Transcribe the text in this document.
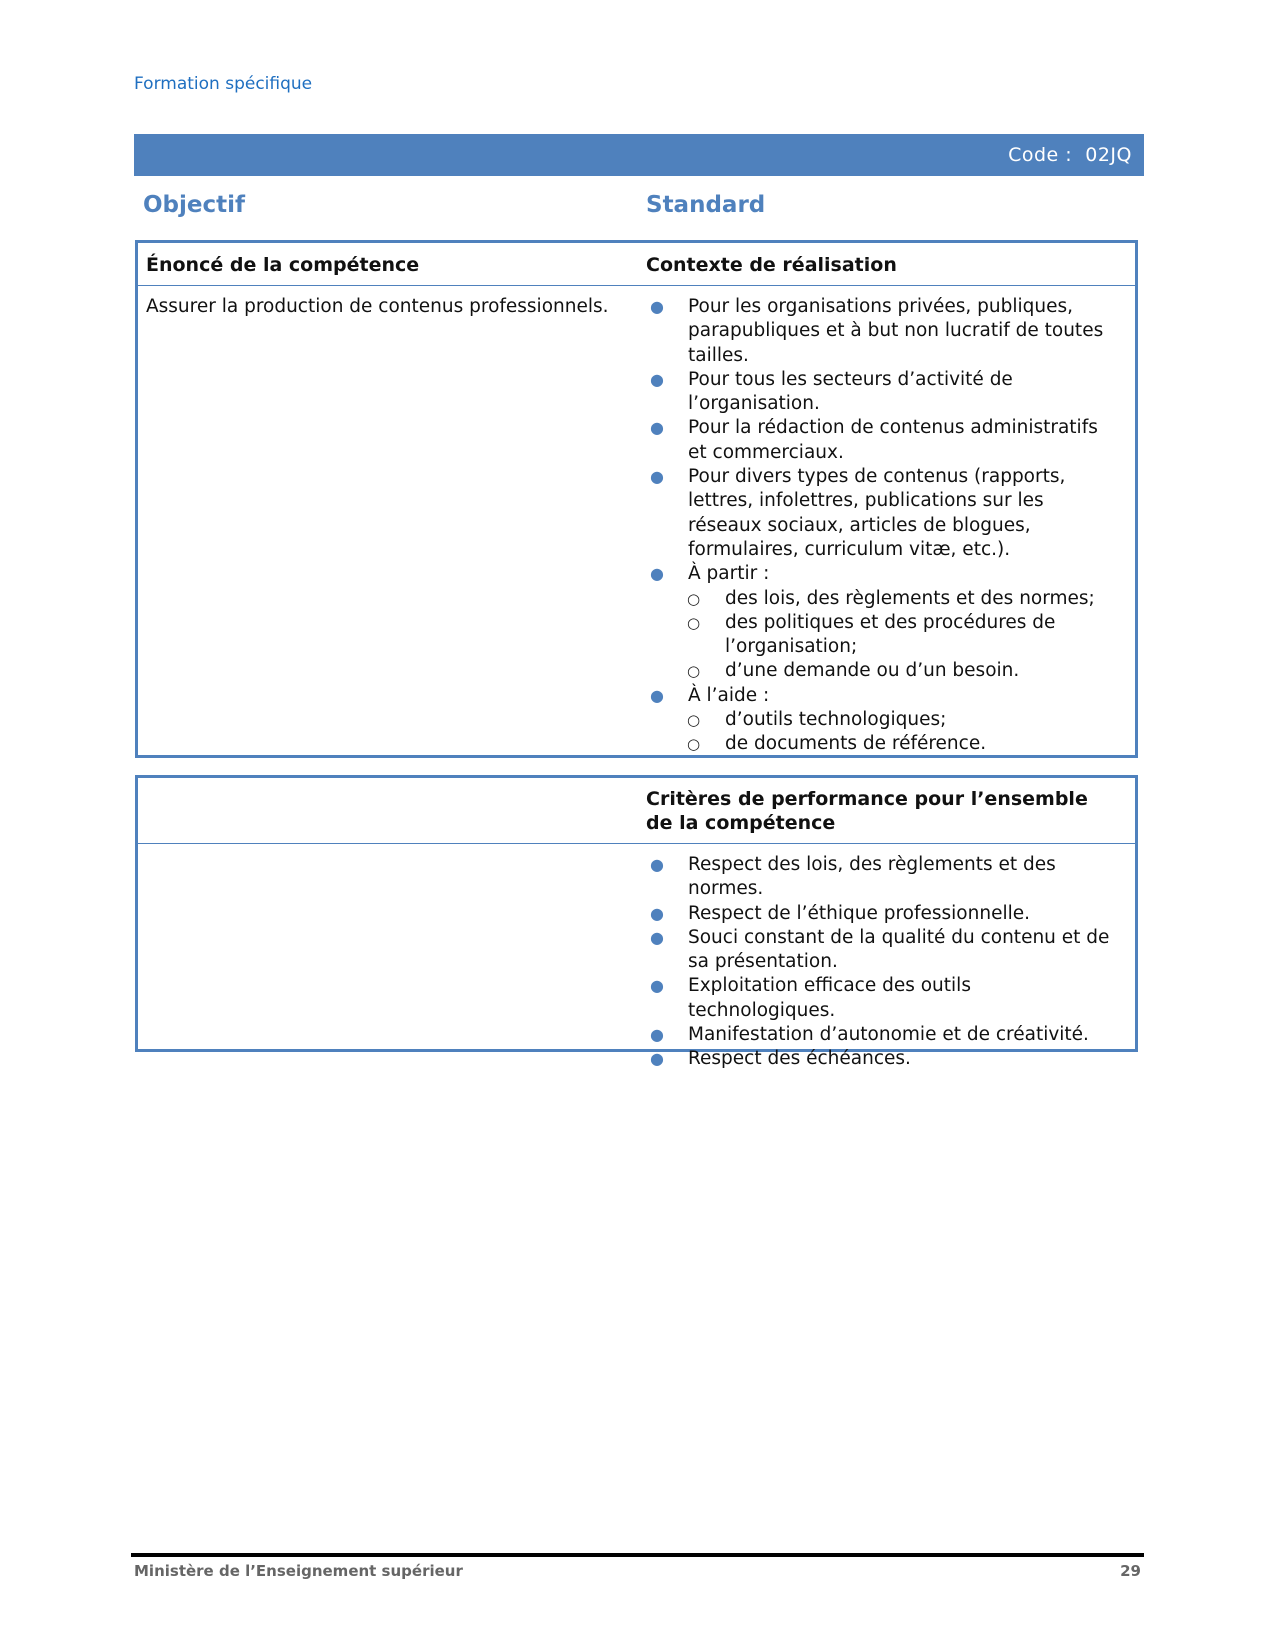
Formation spécifique
Code :  02JQ
Objectif	Standard
Énoncé de la compétence	Contexte de réalisation
Assurer la production de contenus professionnels.	● Pour les organisations privées, publiques, parapubliques et à but non lucratif de toutes tailles.
● Pour tous les secteurs d’activité de l’organisation.
● Pour la rédaction de contenus administratifs et commerciaux.
● Pour divers types de contenus (rapports, lettres, infolettres, publications sur les réseaux sociaux, articles de blogues, formulaires, curriculum vitæ, etc.).
● À partir :
○ des lois, des règlements et des normes;
○ des politiques et des procédures de l’organisation;
○ d’une demande ou d’un besoin.
● À l’aide :
○ d’outils technologiques;
○ de documents de référence.
Critères de performance pour l’ensemble
de la compétence
● Respect des lois, des règlements et des normes.
● Respect de l’éthique professionnelle.
● Souci constant de la qualité du contenu et de sa présentation.
● Exploitation efficace des outils technologiques.
● Manifestation d’autonomie et de créativité.
● Respect des échéances.
Ministère de l’Enseignement supérieur	29
